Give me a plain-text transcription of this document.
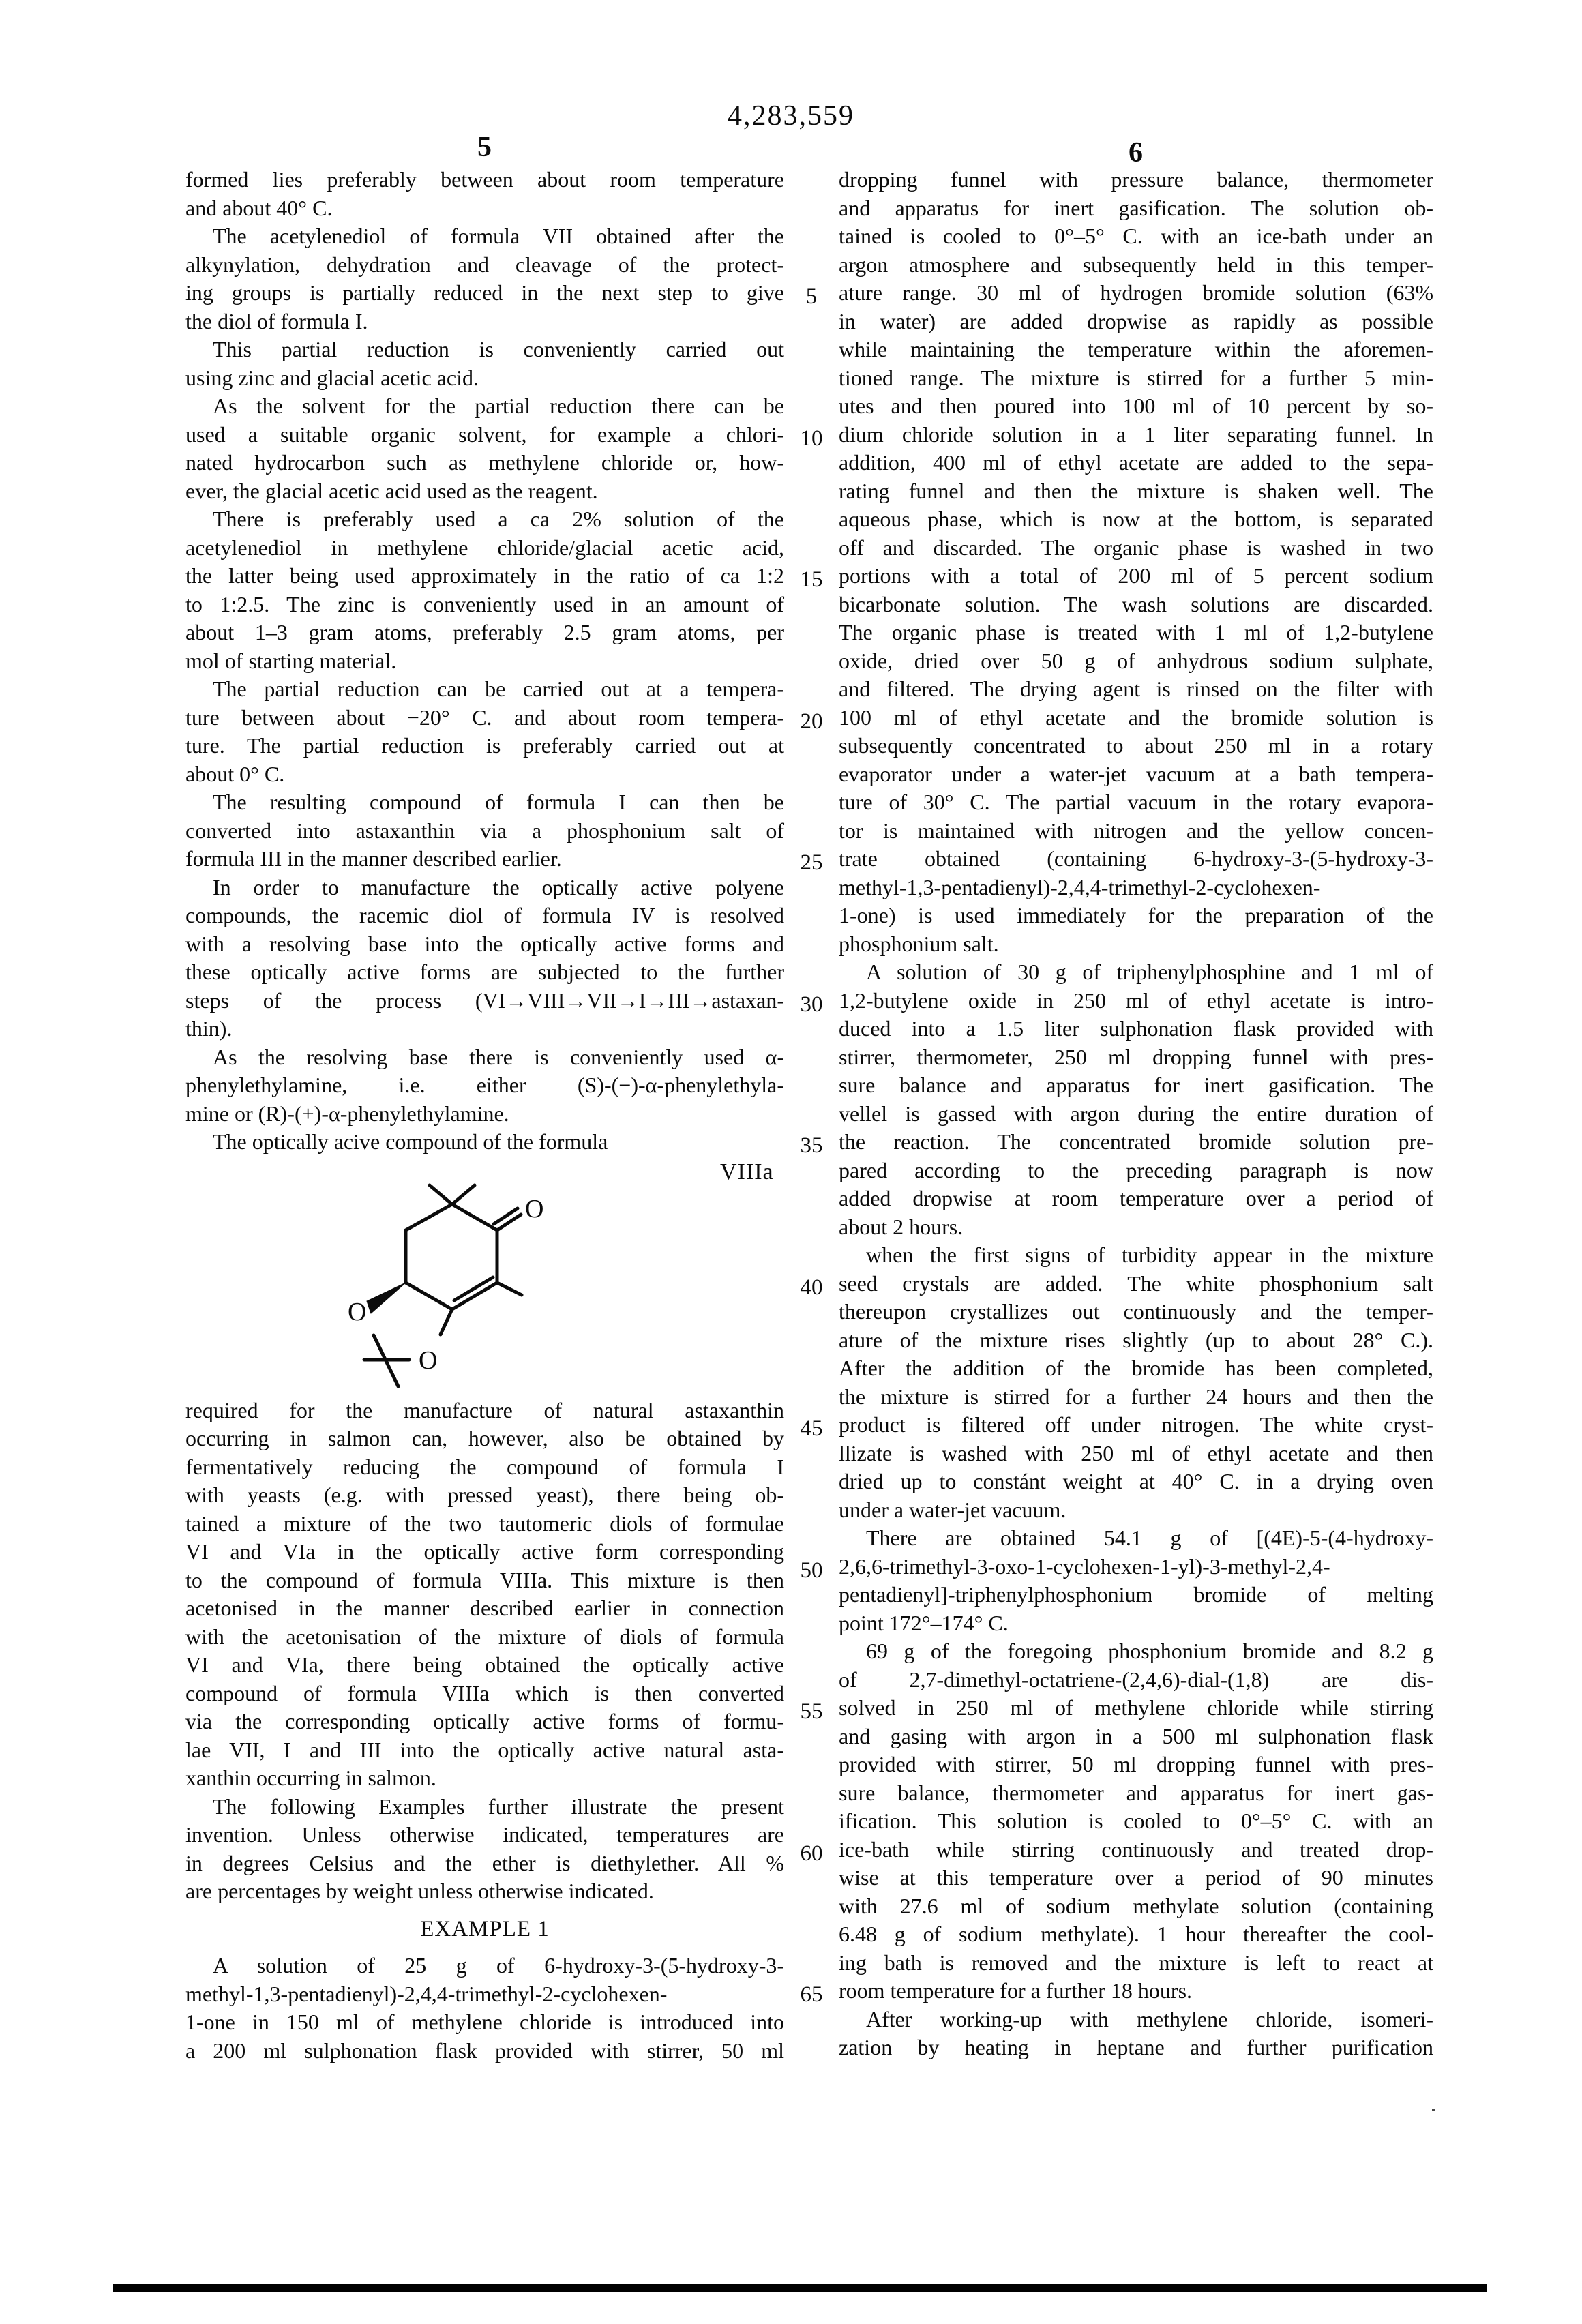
4,283,559
5	6
formed lies preferably between about room temperature
and about 40° C.
The acetylenediol of formula VII obtained after the
alkynylation, dehydration and cleavage of the protect-
ing groups is partially reduced in the next step to give
the diol of formula I.
This partial reduction is conveniently carried out
using zinc and glacial acetic acid.
As the solvent for the partial reduction there can be
used a suitable organic solvent, for example a chlori-
nated hydrocarbon such as methylene chloride or, how-
ever, the glacial acetic acid used as the reagent.
There is preferably used a ca 2% solution of the
acetylenediol in methylene chloride/glacial acetic acid,
the latter being used approximately in the ratio of ca 1:2
to 1:2.5. The zinc is conveniently used in an amount of
about 1–3 gram atoms, preferably 2.5 gram atoms, per
mol of starting material.
The partial reduction can be carried out at a tempera-
ture between about −20° C. and about room tempera-
ture. The partial reduction is preferably carried out at
about 0° C.
The resulting compound of formula I can then be
converted into astaxanthin via a phosphonium salt of
formula III in the manner described earlier.
In order to manufacture the optically active polyene
compounds, the racemic diol of formula IV is resolved
with a resolving base into the optically active forms and
these optically active forms are subjected to the further
steps of the process (VI→VIII→VII→I→III→astaxan-
thin).
As the resolving base there is conveniently used α-
phenylethylamine, i.e. either (S)-(−)-α-phenylethyla-
mine or (R)-(+)-α-phenylethylamine.
The optically acive compound of the formula
required for the manufacture of natural astaxanthin
occurring in salmon can, however, also be obtained by
fermentatively reducing the compound of formula I
with yeasts (e.g. with pressed yeast), there being ob-
tained a mixture of the two tautomeric diols of formulae
VI and VIa in the optically active form corresponding
to the compound of formula VIIIa. This mixture is then
acetonised in the manner described earlier in connection
with the acetonisation of the mixture of diols of formula
VI and VIa, there being obtained the optically active
compound of formula VIIIa which is then converted
via the corresponding optically active forms of formu-
lae VII, I and III into the optically active natural asta-
xanthin occurring in salmon.
The following Examples further illustrate the present
invention. Unless otherwise indicated, temperatures are
in degrees Celsius and the ether is diethylether. All %
are percentages by weight unless otherwise indicated.
EXAMPLE 1
A solution of 25 g of 6-hydroxy-3-(5-hydroxy-3-
methyl-1,3-pentadienyl)-2,4,4-trimethyl-2-cyclohexen-
1-one in 150 ml of methylene chloride is introduced into
a 200 ml sulphonation flask provided with stirrer, 50 ml
dropping funnel with pressure balance, thermometer
and apparatus for inert gasification. The solution ob-
tained is cooled to 0°–5° C. with an ice-bath under an
argon atmosphere and subsequently held in this temper-
ature range. 30 ml of hydrogen bromide solution (63%
in water) are added dropwise as rapidly as possible
while maintaining the temperature within the aforemen-
tioned range. The mixture is stirred for a further 5 min-
utes and then poured into 100 ml of 10 percent by so-
dium chloride solution in a 1 liter separating funnel. In
addition, 400 ml of ethyl acetate are added to the sepa-
rating funnel and then the mixture is shaken well. The
aqueous phase, which is now at the bottom, is separated
off and discarded. The organic phase is washed in two
portions with a total of 200 ml of 5 percent sodium
bicarbonate solution. The wash solutions are discarded.
The organic phase is treated with 1 ml of 1,2-butylene
oxide, dried over 50 g of anhydrous sodium sulphate,
and filtered. The drying agent is rinsed on the filter with
100 ml of ethyl acetate and the bromide solution is
subsequently concentrated to about 250 ml in a rotary
evaporator under a water-jet vacuum at a bath tempera-
ture of 30° C. The partial vacuum in the rotary evapora-
tor is maintained with nitrogen and the yellow concen-
trate obtained (containing 6-hydroxy-3-(5-hydroxy-3-
methyl-1,3-pentadienyl)-2,4,4-trimethyl-2-cyclohexen-
1-one) is used immediately for the preparation of the
phosphonium salt.
A solution of 30 g of triphenylphosphine and 1 ml of
1,2-butylene oxide in 250 ml of ethyl acetate is intro-
duced into a 1.5 liter sulphonation flask provided with
stirrer, thermometer, 250 ml dropping funnel with pres-
sure balance and apparatus for inert gasification. The
vellel is gassed with argon during the entire duration of
the reaction. The concentrated bromide solution pre-
pared according to the preceding paragraph is now
added dropwise at room temperature over a period of
about 2 hours.
when the first signs of turbidity appear in the mixture
seed crystals are added. The white phosphonium salt
thereupon crystallizes out continuously and the temper-
ature of the mixture rises slightly (up to about 28° C.).
After the addition of the bromide has been completed,
the mixture is stirred for a further 24 hours and then the
product is filtered off under nitrogen. The white cryst-
llizate is washed with 250 ml of ethyl acetate and then
dried up to constánt weight at 40° C. in a drying oven
under a water-jet vacuum.
There are obtained 54.1 g of [(4E)-5-(4-hydroxy-
2,6,6-trimethyl-3-oxo-1-cyclohexen-1-yl)-3-methyl-2,4-
pentadienyl]-triphenylphosphonium bromide of melting
point 172°–174° C.
69 g of the foregoing phosphonium bromide and 8.2 g
of 2,7-dimethyl-octatriene-(2,4,6)-dial-(1,8) are dis-
solved in 250 ml of methylene chloride while stirring
and gasing with argon in a 500 ml sulphonation flask
provided with stirrer, 50 ml dropping funnel with pres-
sure balance, thermometer and apparatus for inert gas-
ification. This solution is cooled to 0°–5° C. with an
ice-bath while stirring continuously and treated drop-
wise at this temperature over a period of 90 minutes
with 27.6 ml of sodium methylate solution (containing
6.48 g of sodium methylate). 1 hour thereafter the cool-
ing bath is removed and the mixture is left to react at
room temperature for a further 18 hours.
After working-up with methylene chloride, isomeri-
zation by heating in heptane and further purification
5
10
15
20
25
30
35
40
45
50
55
60
65
VIIIa
O
O
O
